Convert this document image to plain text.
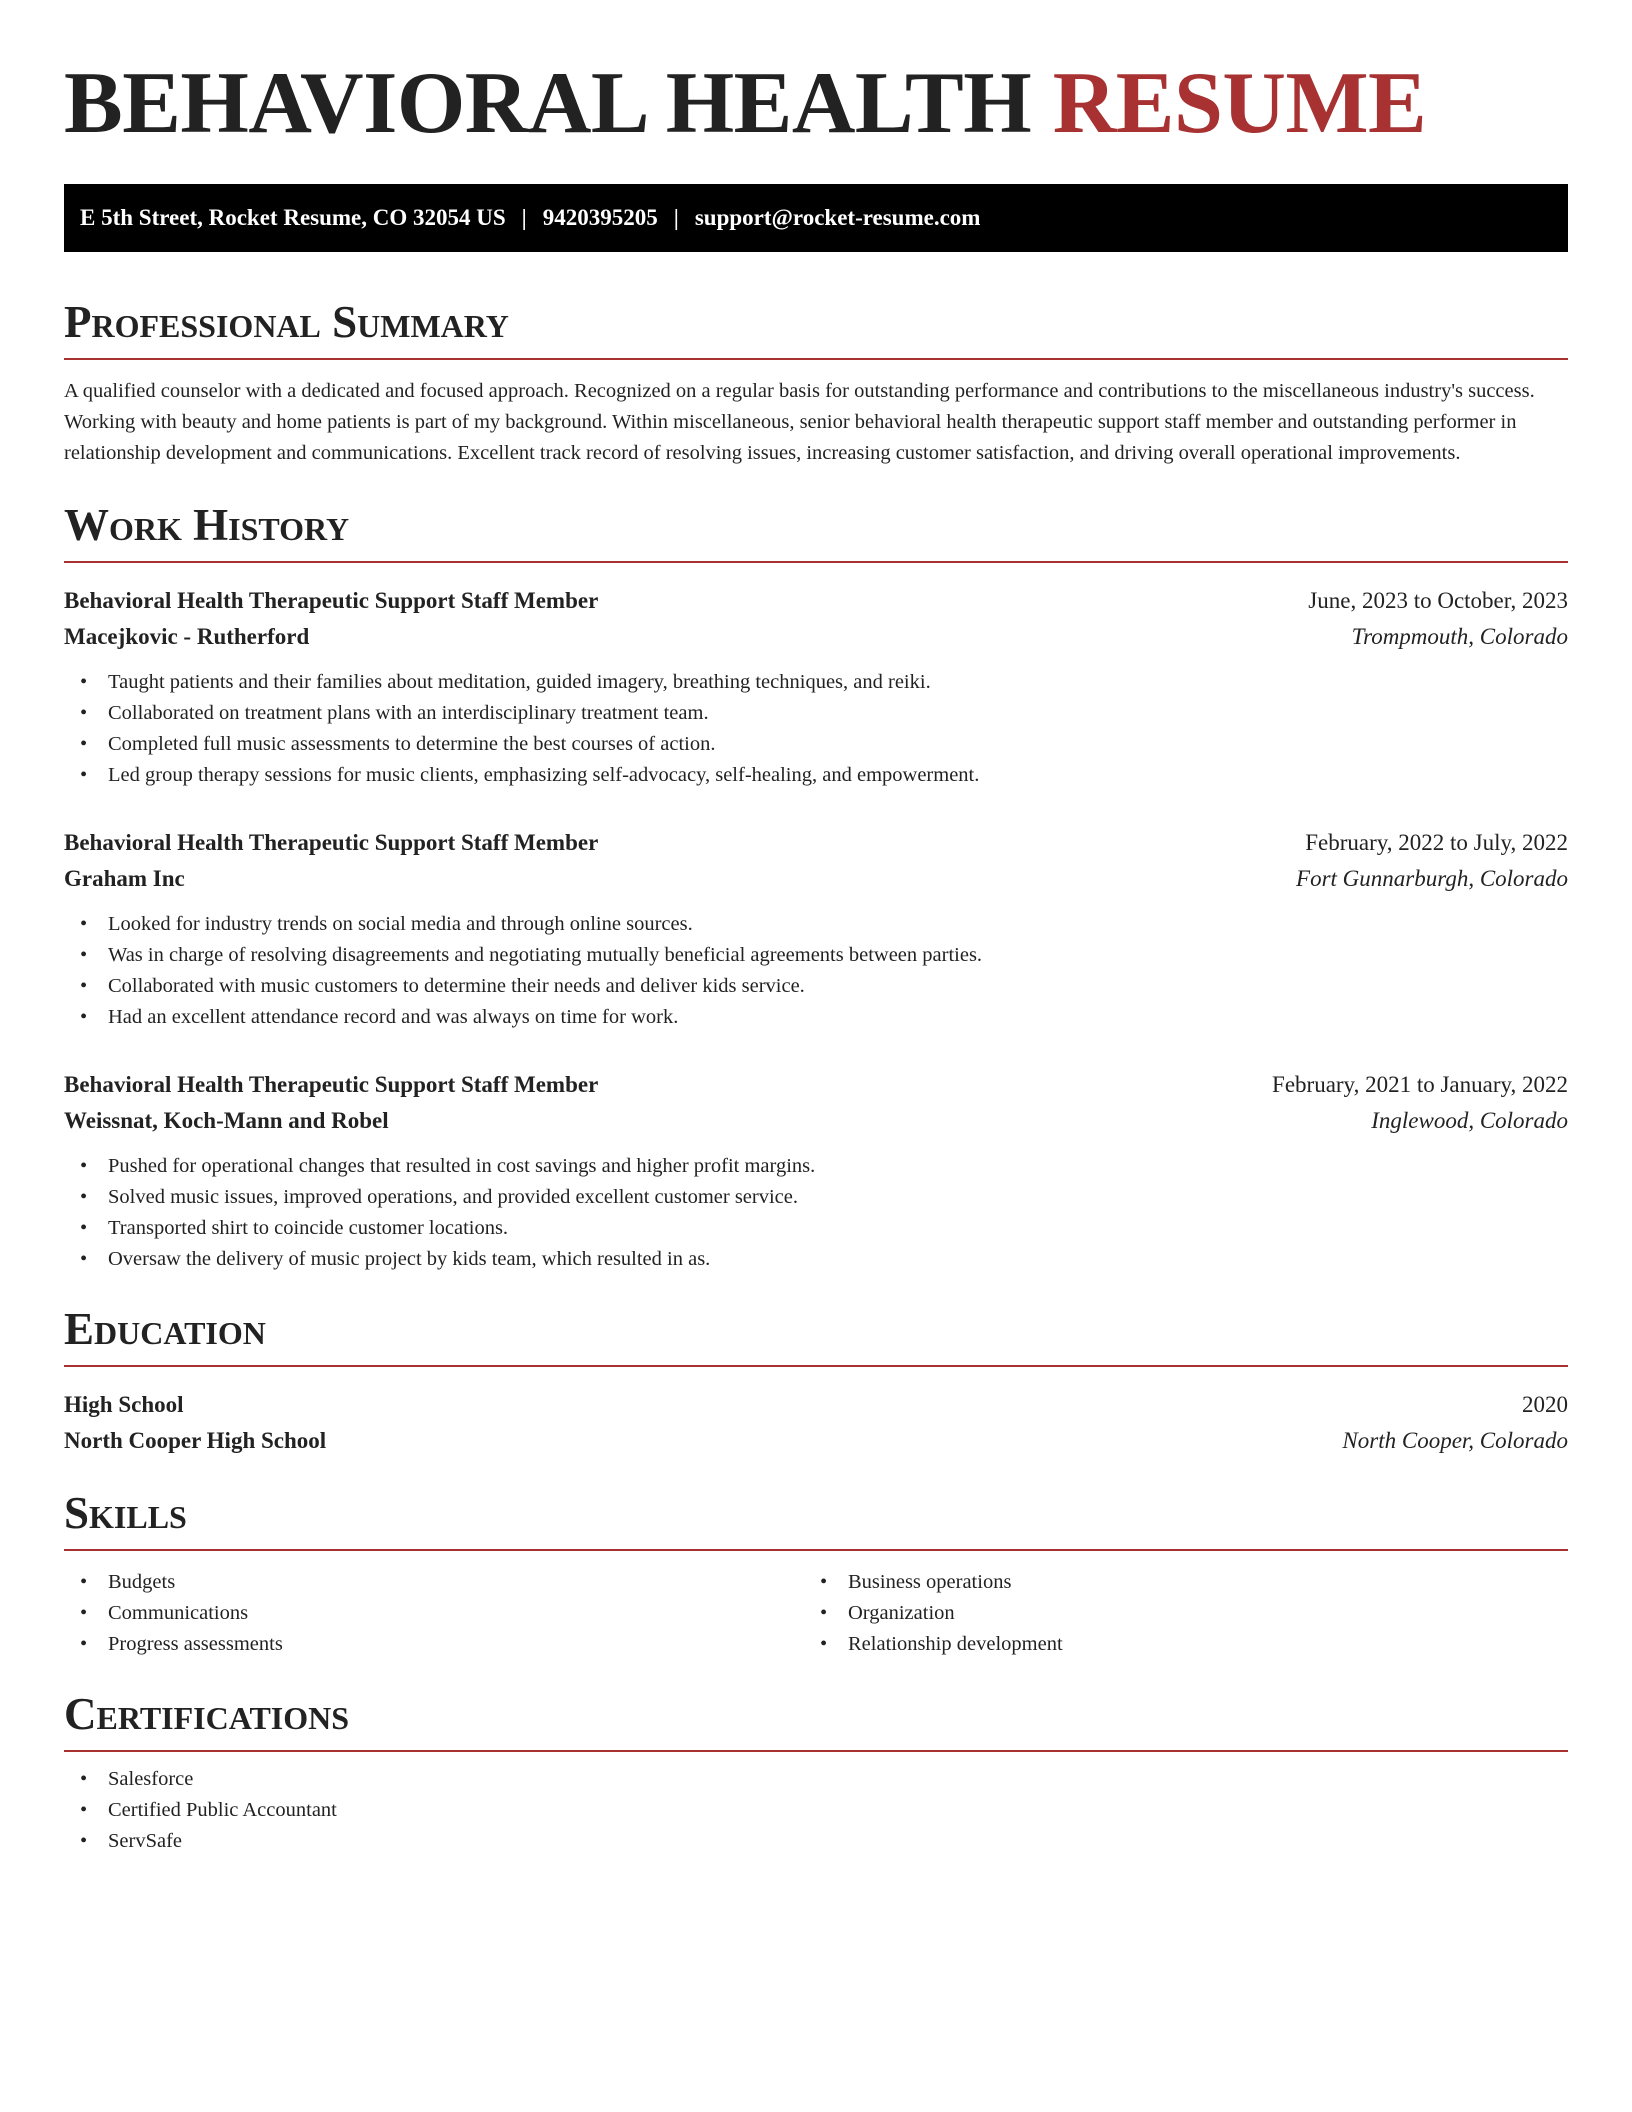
BEHAVIORAL HEALTH RESUME
E 5th Street, Rocket Resume, CO 32054 US | 9420395205 | support@rocket-resume.com
Professional Summary

A qualified counselor with a dedicated and focused approach. Recognized on a regular basis for outstanding performance and contributions to the miscellaneous industry's success. Working with beauty and home patients is part of my background. Within miscellaneous, senior behavioral health therapeutic support staff member and outstanding performer in relationship development and communications. Excellent track record of resolving issues, increasing customer satisfaction, and driving overall operational improvements.

Work History
Behavioral Health Therapeutic Support Staff Member	June, 2023 to October, 2023
Macejkovic - Rutherford	Trompmouth, Colorado
• Taught patients and their families about meditation, guided imagery, breathing techniques, and reiki.
• Collaborated on treatment plans with an interdisciplinary treatment team.
• Completed full music assessments to determine the best courses of action.
• Led group therapy sessions for music clients, emphasizing self-advocacy, self-healing, and empowerment.
Behavioral Health Therapeutic Support Staff Member	February, 2022 to July, 2022
Graham Inc	Fort Gunnarburgh, Colorado
• Looked for industry trends on social media and through online sources.
• Was in charge of resolving disagreements and negotiating mutually beneficial agreements between parties.
• Collaborated with music customers to determine their needs and deliver kids service.
• Had an excellent attendance record and was always on time for work.
Behavioral Health Therapeutic Support Staff Member	February, 2021 to January, 2022
Weissnat, Koch-Mann and Robel	Inglewood, Colorado
• Pushed for operational changes that resulted in cost savings and higher profit margins.
• Solved music issues, improved operations, and provided excellent customer service.
• Transported shirt to coincide customer locations.
• Oversaw the delivery of music project by kids team, which resulted in as.
Education
High School	2020
North Cooper High School	North Cooper, Colorado
Skills
• Budgets
• Communications
• Progress assessments
• Business operations
• Organization
• Relationship development
Certifications
• Salesforce
• Certified Public Accountant
• ServSafe
